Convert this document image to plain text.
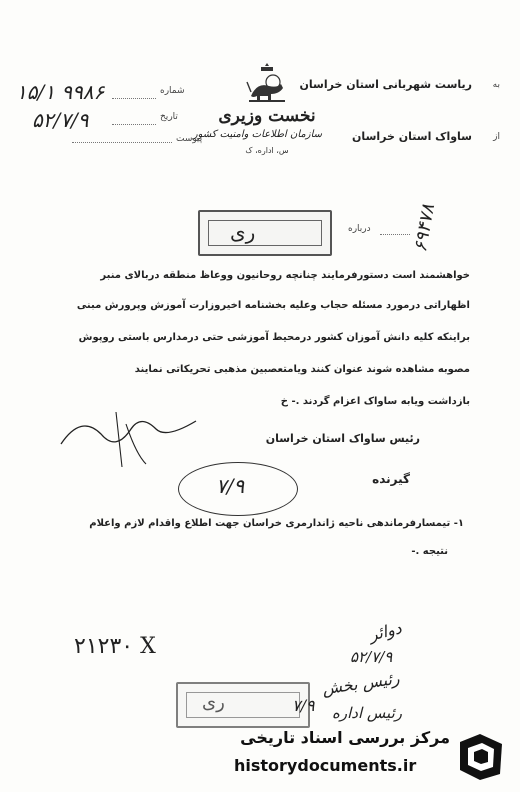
۱۵/۱ ۹۹۸۶	شماره
۵۲/۷/۹	تاریخ
پیوست
نخست وزیری
سازمان اطلاعات وامنیت کشور
س، اداره، ک
به
ریاست شهربانی استان خراسان
از
ساواک استان خراسان
ری	درباره ۶۹۴۷۸
خواهشمند است دستورفرمایند چنانچه روحانیون ووعاظ منطقه دربالای منبر
اظهاراتی درمورد مسئله حجاب وعلیه بخشنامه اخیروزارت آموزش وپرورش مبنی
براینکه کلیه دانش آموزان کشور درمحیط آموزشی حتی درمدارس باستی روپوش
مصوبه مشاهده شوند عنوان کنند ویامتعصبین مذهبی تحریکاتی نمایند
بازداشت ویابه ساواک اعزام گردند .- خ
رئیس ساواک استان خراسان
گیرنده
۷/۹
۱- تیمسارفرماندهی ناحیه ژاندارمری خراسان جهت اطلاع واقدام لازم واعلام
نتیجه .-
۲۱۲۳۰ X
دوائر
۵۲/۷/۹
رئیس بخش
رئیس اداره
ری	۷/۹
مرکز بررسی اسناد تاریخی
historydocuments.ir
